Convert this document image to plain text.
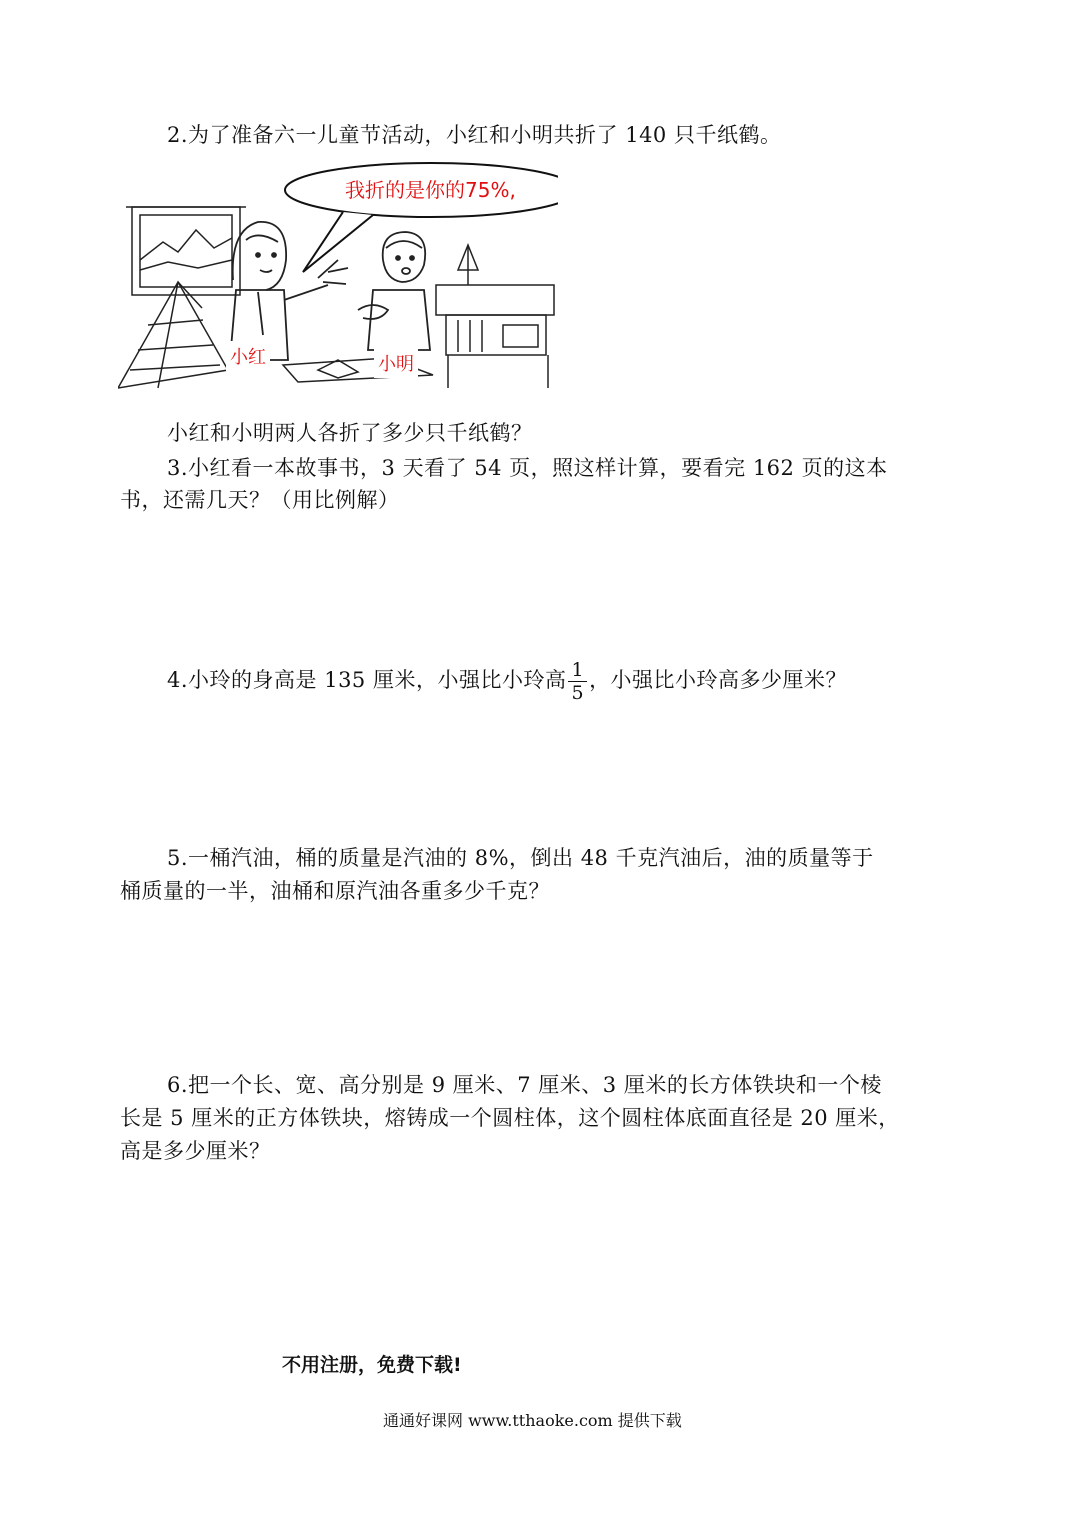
2.为了准备六一儿童节活动，小红和小明共折了 140 只千纸鹤。
我折的是你的75%,
小红	小明
小红和小明两人各折了多少只千纸鹤？
3.小红看一本故事书，3 天看了 54 页，照这样计算，要看完 162 页的这本
书，还需几天？（用比例解）
4.小玲的身高是 135 厘米，小强比小玲高 $\frac{1}{5}$ ，小强比小玲高多少厘米？
5.一桶汽油，桶的质量是汽油的 8%，倒出 48 千克汽油后，油的质量等于
桶质量的一半，油桶和原汽油各重多少千克？
6.把一个长、宽、高分别是 9 厘米、7 厘米、3 厘米的长方体铁块和一个棱
长是 5 厘米的正方体铁块，熔铸成一个圆柱体，这个圆柱体底面直径是 20 厘米，
高是多少厘米？
不用注册，免费下载!
通通好课网 www.tthaoke.com 提供下载
